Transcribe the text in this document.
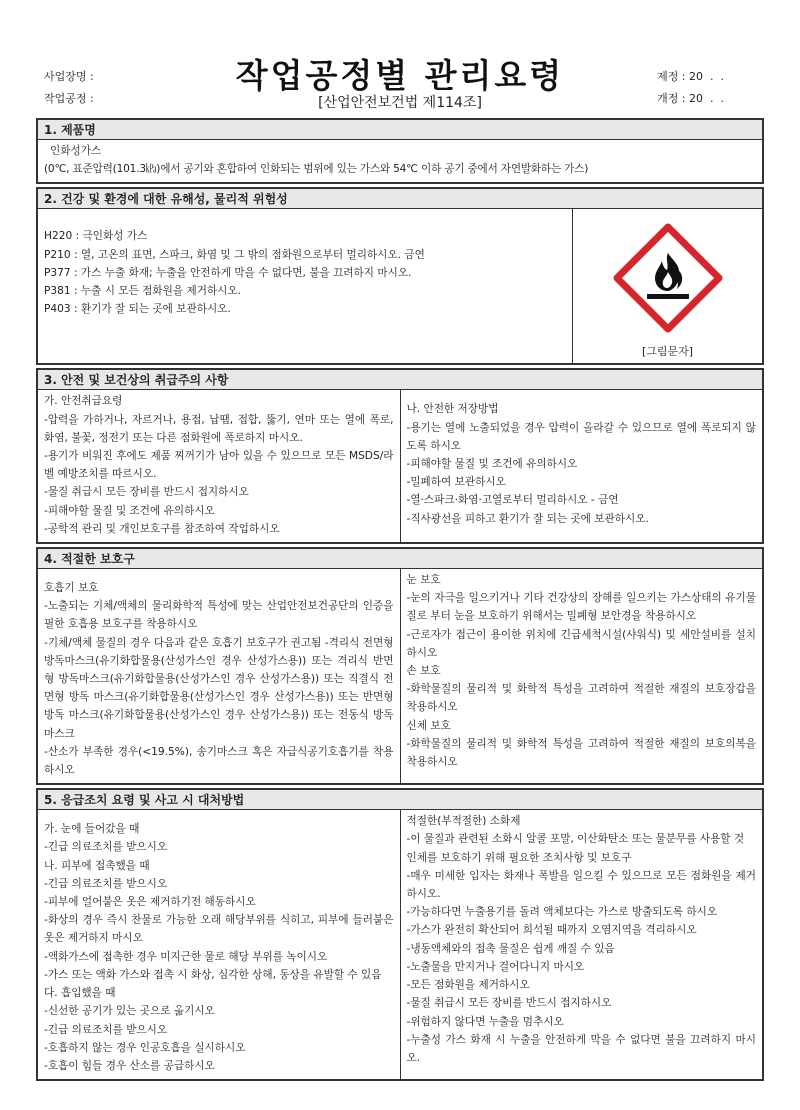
사업장명 :
작업공정 :
작업공정별 관리요령
[산업안전보건법 제114조]
제정 : 20  .  .
개정 : 20  .  .
1. 제품명
인화성가스
(0℃, 표준압력(101.3㎪)에서 공기와 혼합하여 인화되는 범위에 있는 가스와 54℃ 이하 공기 중에서 자연발화하는 가스)
2. 건강 및 환경에 대한 유해성, 물리적 위험성
H220 : 극인화성 가스
P210 : 열, 고온의 표면, 스파크, 화염 및 그 밖의 점화원으로부터 멀리하시오. 금연
P377 : 가스 누출 화재; 누출을 안전하게 막을 수 없다면, 불을 끄려하지 마시오.
P381 : 누출 시 모든 점화원을 제거하시오.
P403 : 환기가 잘 되는 곳에 보관하시오.
[그림문자]
3. 안전 및 보건상의 취급주의 사항
가. 안전취급요령
-압력을 가하거나, 자르거나, 용접, 납땜, 접합, 뚫기, 연마 또는 열에 폭로, 화염, 불꽃, 정전기 또는 다른 점화원에 폭로하지 마시오.
-용기가 비워진 후에도 제품 찌꺼기가 남아 있을 수 있으므로 모든 MSDS/라벨 예방조치를 따르시오.
-물질 취급시 모든 장비를 반드시 접지하시오
-피해야할 물질 및 조건에 유의하시오
-공학적 관리 및 개인보호구를 참조하여 작업하시오
나. 안전한 저장방법
-용기는 열에 노출되었을 경우 압력이 올라갈 수 있으므로 열에 폭로되지 않도록 하시오
-피해야할 물질 및 조건에 유의하시오
-밀폐하여 보관하시오
-열·스파크·화염·고열로부터 멀리하시오 - 금연
-직사광선을 피하고 환기가 잘 되는 곳에 보관하시오.
4. 적절한 보호구
호흡기 보호
-노출되는 기체/액체의 물리화학적 특성에 맞는 산업안전보건공단의 인증을 필한 호흡용 보호구를 착용하시오
-기체/액체 물질의 경우 다음과 같은 호흡기 보호구가 권고됨 -격리식 전면형 방독마스크(유기화합물용(산성가스인 경우 산성가스용)) 또는 격리식 반면형 방독마스크(유기화합물용(산성가스인 경우 산성가스용)) 또는 직결식 전면형 방독 마스크(유기화합물용(산성가스인 경우 산성가스용)) 또는 반면형 방독 마스크(유기화합물용(산성가스인 경우 산성가스용)) 또는 전동식 방독마스크
-산소가 부족한 경우(<19.5%), 송기마스크 혹은 자급식공기호흡기를 착용하시오
눈 보호
-눈의 자극을 일으키거나 기타 건강상의 장해를 일으키는 가스상태의 유기물질로 부터 눈을 보호하기 위해서는 밀폐형 보안경을 착용하시오
-근로자가 접근이 용이한 위치에 긴급세척시설(샤워식) 및 세안설비를 설치하시오
손 보호
-화학물질의 물리적 및 화학적 특성을 고려하여 적절한 재질의 보호장갑을 착용하시오
신체 보호
-화학물질의 물리적 및 화학적 특성을 고려하여 적절한 재질의 보호의복을 착용하시오
5. 응급조치 요령 및 사고 시 대처방법
가. 눈에 들어갔을 때
-긴급 의료조치를 받으시오
나. 피부에 접촉했을 때
-긴급 의료조치를 받으시오
-피부에 얼어붙은 옷은 제거하기전 해동하시오
-화상의 경우 즉시 찬물로 가능한 오래 해당부위를 식히고, 피부에 들러붙은 옷은 제거하지 마시오
-액화가스에 접촉한 경우 미지근한 물로 해당 부위를 녹이시오
-가스 또는 액화 가스와 접촉 시 화상, 심각한 상해, 동상을 유발할 수 있음
다. 흡입했을 때
-신선한 공기가 있는 곳으로 옮기시오
-긴급 의료조치를 받으시오
-호흡하지 않는 경우 인공호흡을 실시하시오
-호흡이 힘들 경우 산소를 공급하시오
적절한(부적절한) 소화제
-이 물질과 관련된 소화시 알콜 포말, 이산화탄소 또는 물분무를 사용할 것
인체를 보호하기 위해 필요한 조치사항 및 보호구
-매우 미세한 입자는 화재나 폭발을 일으킬 수 있으므로 모든 점화원을 제거하시오.
-가능하다면 누출용기를 돌려 액체보다는 가스로 방출되도록 하시오
-가스가 완전히 확산되어 희석될 때까지 오염지역을 격리하시오
-냉동액체와의 접촉 물질은 쉽게 깨질 수 있음
-노출물을 만지거나 걸어다니지 마시오
-모든 점화원을 제거하시오
-물질 취급시 모든 장비를 반드시 접지하시오
-위험하지 않다면 누출을 멈추시오
-누출성 가스 화재 시 누출을 안전하게 막을 수 없다면 불을 끄려하지 마시오.
